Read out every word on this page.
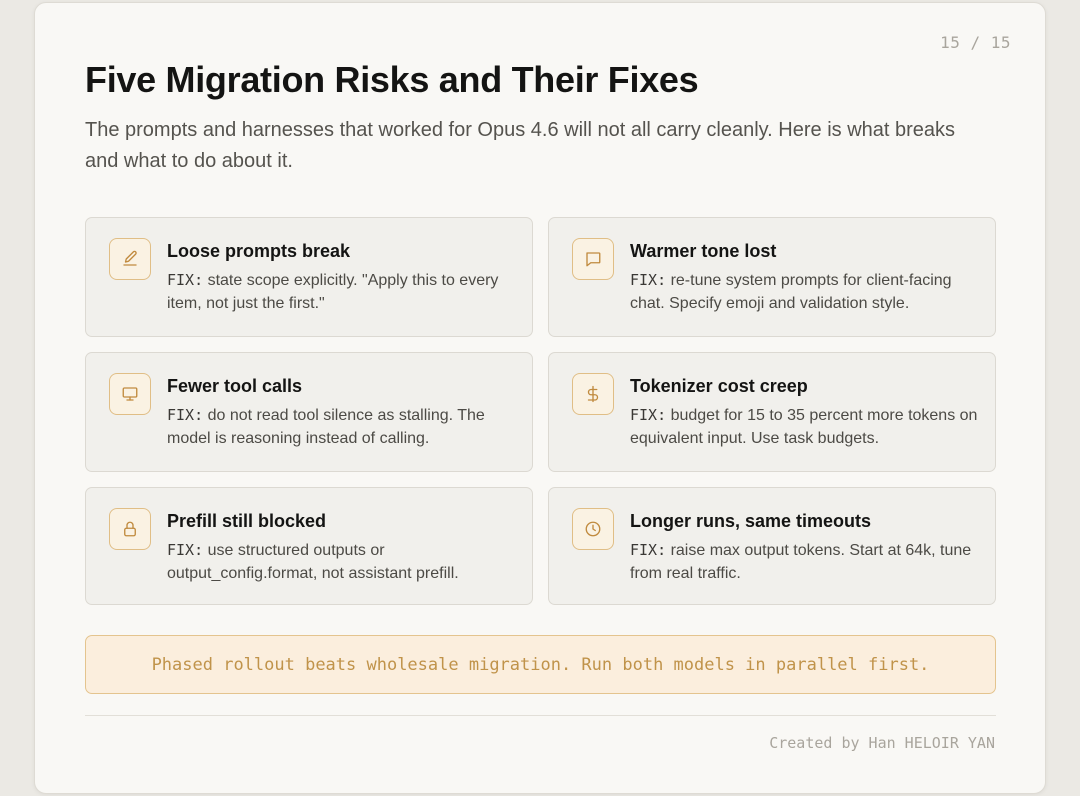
15 / 15
Five Migration Risks and Their Fixes

The prompts and harnesses that worked for Opus 4.6 will not all carry cleanly. Here is what breaks and what to do about it.

Loose prompts break
FIX: state scope explicitly. "Apply this to every item, not just the first."
Warmer tone lost
FIX: re-tune system prompts for client-facing chat. Specify emoji and validation style.
Fewer tool calls
FIX: do not read tool silence as stalling. The model is reasoning instead of calling.
Tokenizer cost creep
FIX: budget for 15 to 35 percent more tokens on equivalent input. Use task budgets.
Prefill still blocked
FIX: use structured outputs or output_config.format, not assistant prefill.
Longer runs, same timeouts
FIX: raise max output tokens. Start at 64k, tune from real traffic.
Phased rollout beats wholesale migration. Run both models in parallel first.
Created by Han HELOIR YAN
